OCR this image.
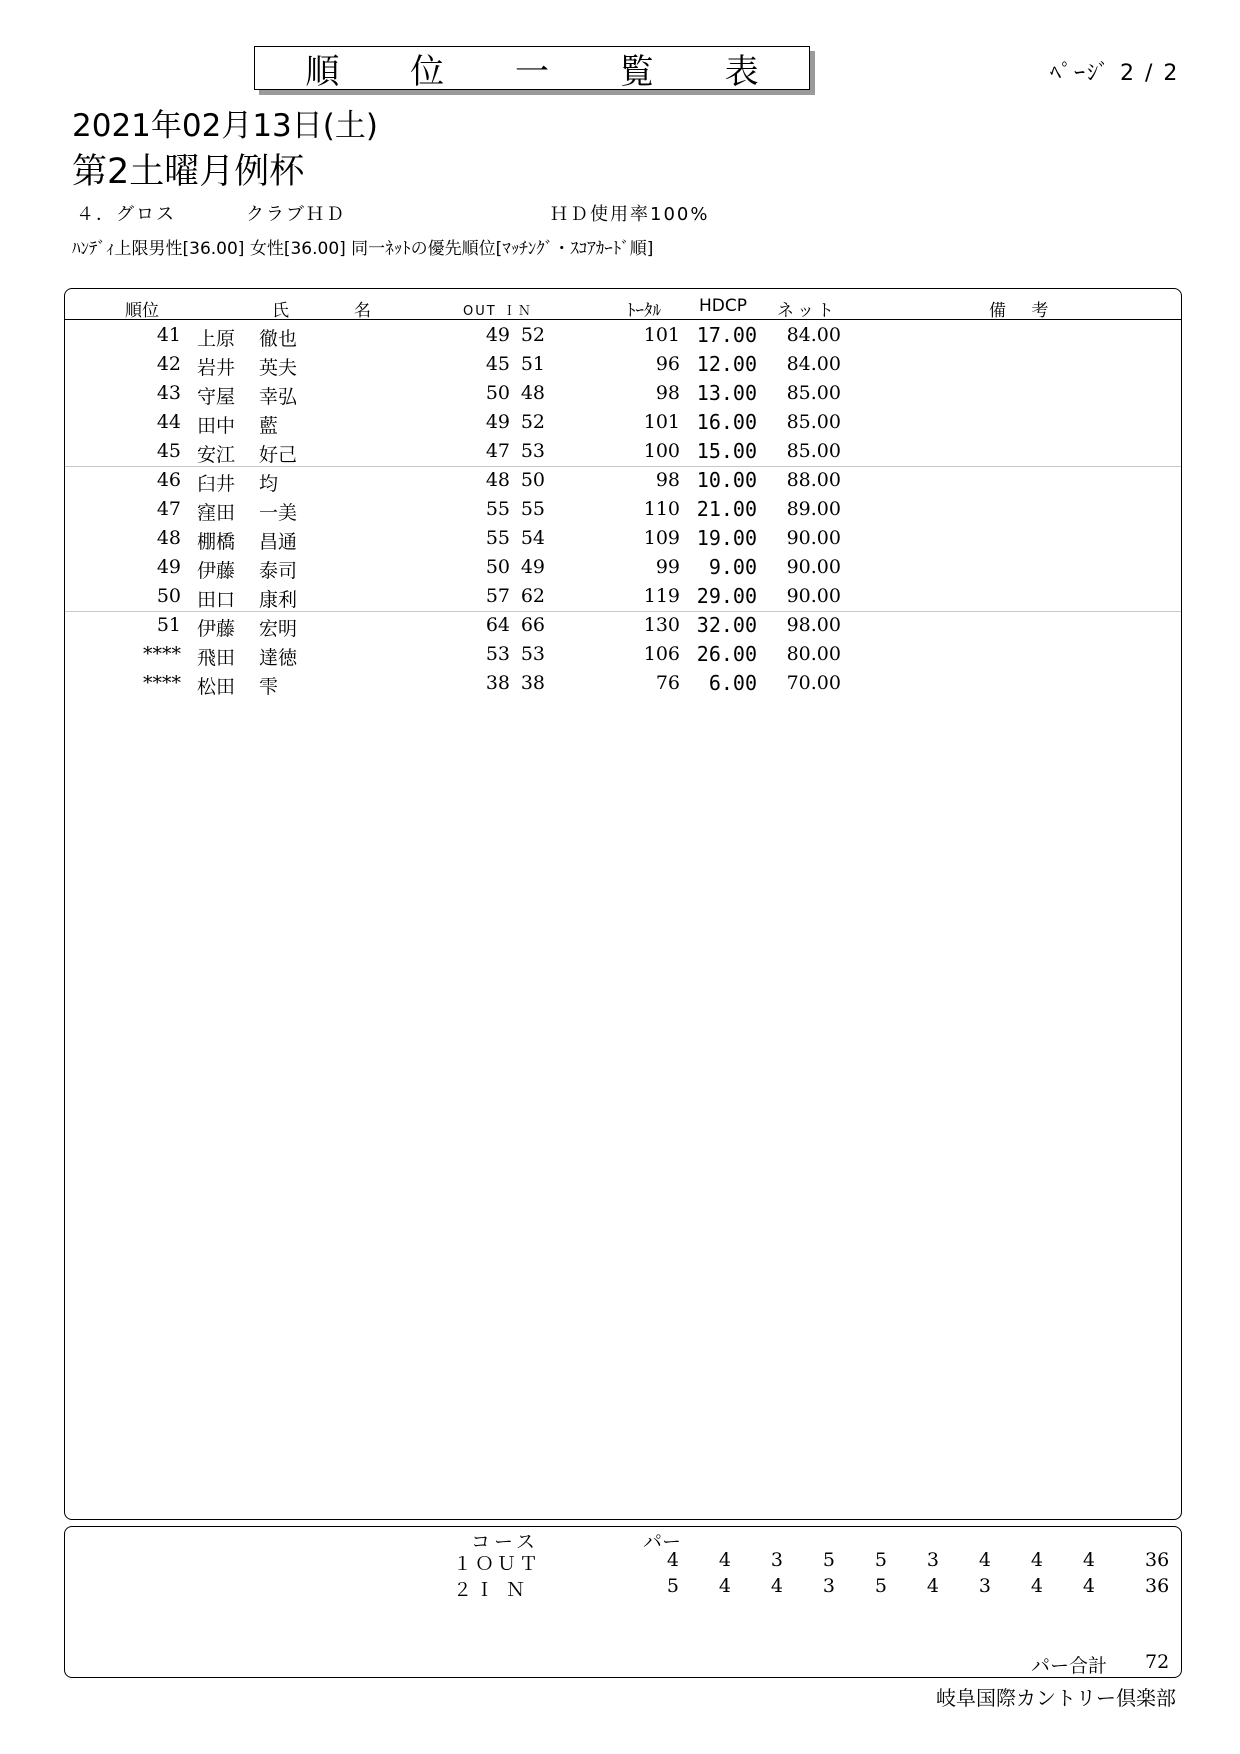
順 位 一 覧 表	ﾍﾟｰｼﾞ 2 / 2
2021年02月13日(土)
第2土曜月例杯
４．グロス	クラブＨＤ	ＨＤ使用率100%
ﾊﾝﾃﾞｨ上限男性[36.00] 女性[36.00] 同一ﾈｯﾄの優先順位[ﾏｯﾁﾝｸﾞ・ｽｺｱｶｰﾄﾞ順]
順位	氏	名	OUT ＩＮ	ﾄｰﾀﾙ HDCP ネット	備 考
41 上原 徹也	49 52	101 17.00 84.00
42 岩井 英夫	45 51	96 12.00 84.00
43 守屋 幸弘	50 48	98 13.00 85.00
44 田中 藍	49 52	101 16.00 85.00
45 安江 好己	47 53	100 15.00 85.00
46 臼井 均	48 50	98 10.00 88.00
47 窪田 一美	55 55	110 21.00 89.00
48 棚橋 昌通	55 54	109 19.00 90.00
49 伊藤 泰司	50 49	99 9.00 90.00
50 田口 康利	57 62	119 29.00 90.00
51 伊藤 宏明	64 66	130 32.00 98.00
**** 飛田 達徳	53 53	106 26.00 80.00
**** 松田 雫	38 38	76 6.00 70.00
コース	パー
１ＯＵＴ	4	4	3	5	5	3	4	4	4	36
２Ｉ Ｎ	5	4	4	3	5	4	3	4	4	36
パー合計 72
岐阜国際カントリー倶楽部
